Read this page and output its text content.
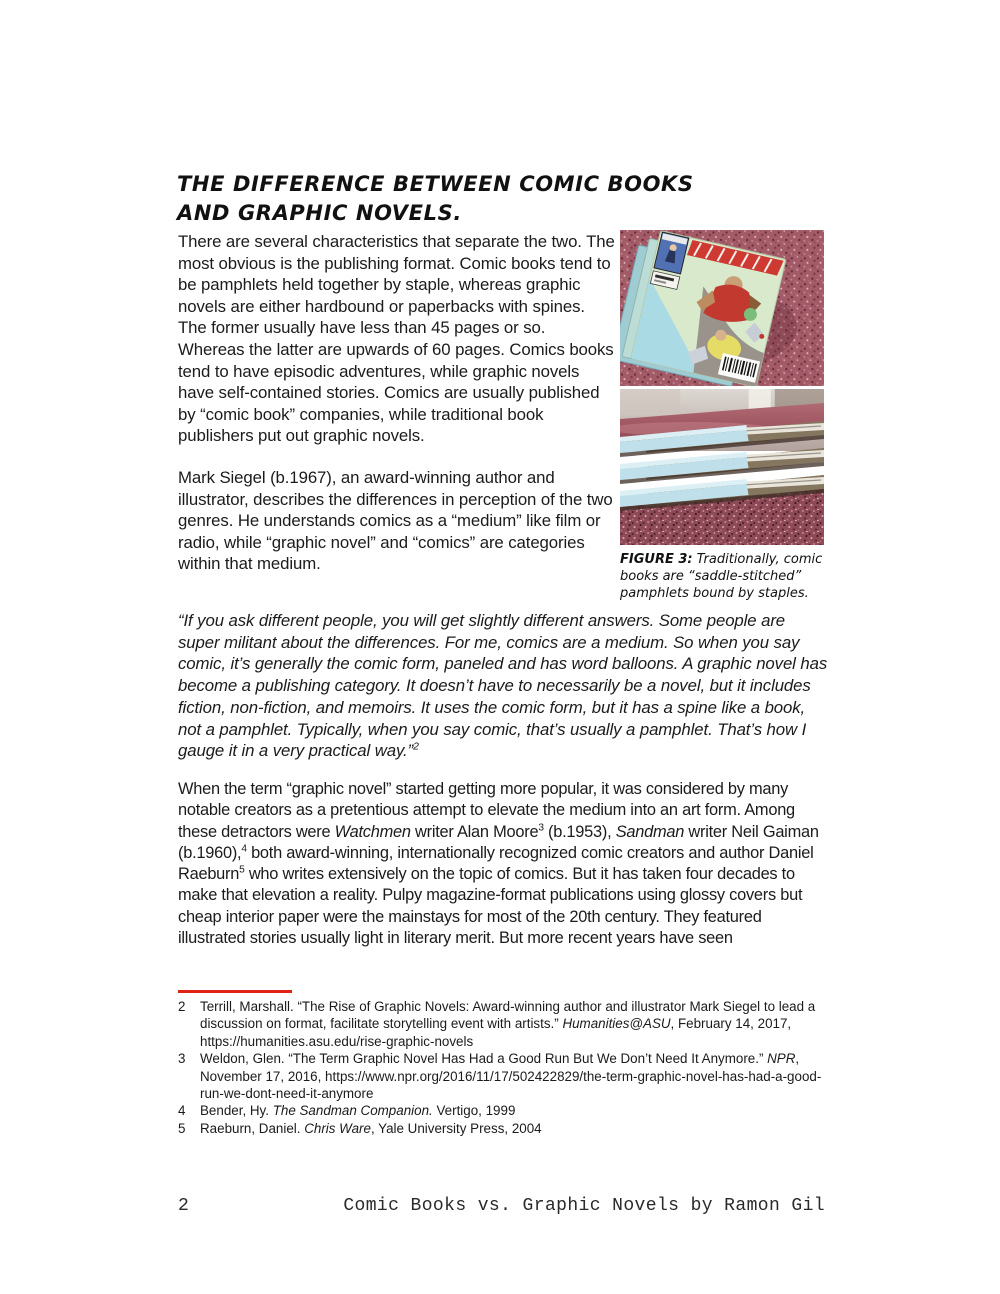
THE DIFFERENCE BETWEEN COMIC BOOKS
AND GRAPHIC NOVELS.

There are several characteristics that separate the two. The most obvious is the publishing format. Comic books tend to be pamphlets held together by staple, whereas graphic novels are either hardbound or paperbacks with spines. The former usually have less than 45 pages or so. Whereas the latter are upwards of 60 pages. Comics books tend to have episodic adventures, while graphic novels have self-contained stories. Comics are usually published by “comic book” companies, while traditional book publishers put out graphic novels.

Mark Siegel (b.1967), an award-winning author and illustrator, describes the differences in perception of the two genres. He understands comics as a “medium” like film or radio, while “graphic novel” and “comics” are categories within that medium.	FIGURE 3: Traditionally, comic books are “saddle-stitched” pamphlets bound by staples.
“If you ask different people, you will get slightly different answers. Some people are super militant about the differences. For me, comics are a medium. So when you say comic, it’s generally the comic form, paneled and has word balloons. A graphic novel has become a publishing category. It doesn’t have to necessarily be a novel, but it includes fiction, non-fiction, and memoirs. It uses the comic form, but it has a spine like a book, not a pamphlet. Typically, when you say comic, that’s usually a pamphlet. That’s how I gauge it in a very practical way.”$^2$
When the term “graphic novel” started getting more popular, it was considered by many notable creators as a pretentious attempt to elevate the medium into an art form. Among these detractors were Watchmen writer Alan Moore$^3$ (b.1953), Sandman writer Neil Gaiman (b.1960),$^4$ both award-winning, internationally recognized comic creators and author Daniel Raeburn$^5$ who writes extensively on the topic of comics. But it has taken four decades to make that elevation a reality. Pulpy magazine-format publications using glossy covers but cheap interior paper were the mainstays for most of the 20th century. They featured illustrated stories usually light in literary merit. But more recent years have seen
2	Terrill, Marshall. “The Rise of Graphic Novels: Award-winning author and illustrator Mark Siegel to lead a discussion on format, facilitate storytelling event with artists.” Humanities@ASU, February 14, 2017, https://humanities.asu.edu/rise-graphic-novels
3	Weldon, Glen. “The Term Graphic Novel Has Had a Good Run But We Don’t Need It Anymore.” NPR, November 17, 2016, https://www.npr.org/2016/11/17/502422829/the-term-graphic-novel-has-had-a-good-run-we-dont-need-it-anymore
4	Bender, Hy. The Sandman Companion. Vertigo, 1999
5	Raeburn, Daniel. Chris Ware, Yale University Press, 2004
2	Comic Books vs. Graphic Novels by Ramon Gil
